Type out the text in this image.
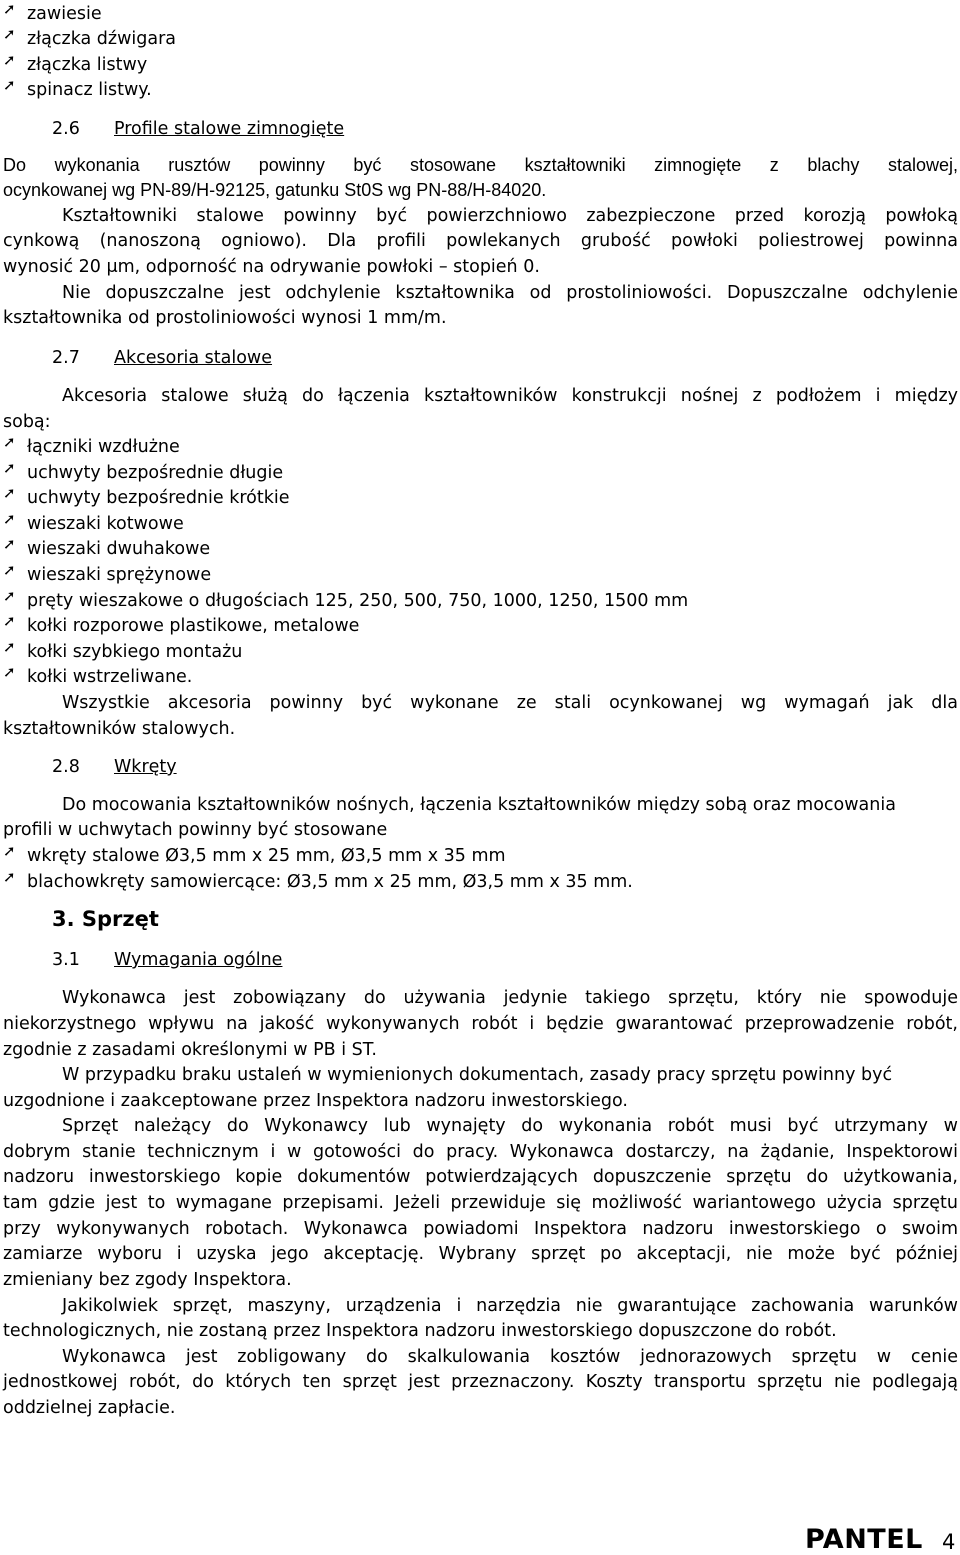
➚ zawiesie
➚ złączka dźwigara
➚ złączka listwy
➚ spinacz listwy.
2.6 Profile stalowe zimnogięte
Do wykonania rusztów powinny być stosowane kształtowniki zimnogięte z blachy stalowej,
ocynkowanej wg PN-89/H-92125, gatunku St0S wg PN-88/H-84020.
Kształtowniki stalowe powinny być powierzchniowo zabezpieczone przed korozją powłoką
cynkową (nanoszoną ogniowo). Dla profili powlekanych grubość powłoki poliestrowej powinna
wynosić 20 μm, odporność na odrywanie powłoki – stopień 0.
Nie dopuszczalne jest odchylenie kształtownika od prostoliniowości. Dopuszczalne odchylenie
kształtownika od prostoliniowości wynosi 1 mm/m.
2.7 Akcesoria stalowe
Akcesoria stalowe służą do łączenia kształtowników konstrukcji nośnej z podłożem i między
sobą:
➚ łączniki wzdłużne
➚ uchwyty bezpośrednie długie
➚ uchwyty bezpośrednie krótkie
➚ wieszaki kotwowe
➚ wieszaki dwuhakowe
➚ wieszaki sprężynowe
➚ pręty wieszakowe o długościach 125, 250, 500, 750, 1000, 1250, 1500 mm
➚ kołki rozporowe plastikowe, metalowe
➚ kołki szybkiego montażu
➚ kołki wstrzeliwane.
Wszystkie akcesoria powinny być wykonane ze stali ocynkowanej wg wymagań jak dla
kształtowników stalowych.
2.8 Wkręty
Do mocowania kształtowników nośnych, łączenia kształtowników między sobą oraz mocowania
profili w uchwytach powinny być stosowane
➚ wkręty stalowe Ø3,5 mm x 25 mm, Ø3,5 mm x 35 mm
➚ blachowkręty samowiercące: Ø3,5 mm x 25 mm, Ø3,5 mm x 35 mm.
3. Sprzęt
3.1 Wymagania ogólne
Wykonawca jest zobowiązany do używania jedynie takiego sprzętu, który nie spowoduje
niekorzystnego wpływu na jakość wykonywanych robót i będzie gwarantować przeprowadzenie robót,
zgodnie z zasadami określonymi w PB i ST.
W przypadku braku ustaleń w wymienionych dokumentach, zasady pracy sprzętu powinny być
uzgodnione i zaakceptowane przez Inspektora nadzoru inwestorskiego.
Sprzęt należący do Wykonawcy lub wynajęty do wykonania robót musi być utrzymany w
dobrym stanie technicznym i w gotowości do pracy. Wykonawca dostarczy, na żądanie, Inspektorowi
nadzoru inwestorskiego kopie dokumentów potwierdzających dopuszczenie sprzętu do użytkowania,
tam gdzie jest to wymagane przepisami. Jeżeli przewiduje się możliwość wariantowego użycia sprzętu
przy wykonywanych robotach. Wykonawca powiadomi Inspektora nadzoru inwestorskiego o swoim
zamiarze wyboru i uzyska jego akceptację. Wybrany sprzęt po akceptacji, nie może być później
zmieniany bez zgody Inspektora.
Jakikolwiek sprzęt, maszyny, urządzenia i narzędzia nie gwarantujące zachowania warunków
technologicznych, nie zostaną przez Inspektora nadzoru inwestorskiego dopuszczone do robót.
Wykonawca jest zobligowany do skalkulowania kosztów jednorazowych sprzętu w cenie
jednostkowej robót, do których ten sprzęt jest przeznaczony. Koszty transportu sprzętu nie podlegają
oddzielnej zapłacie.
PANTEL 4
